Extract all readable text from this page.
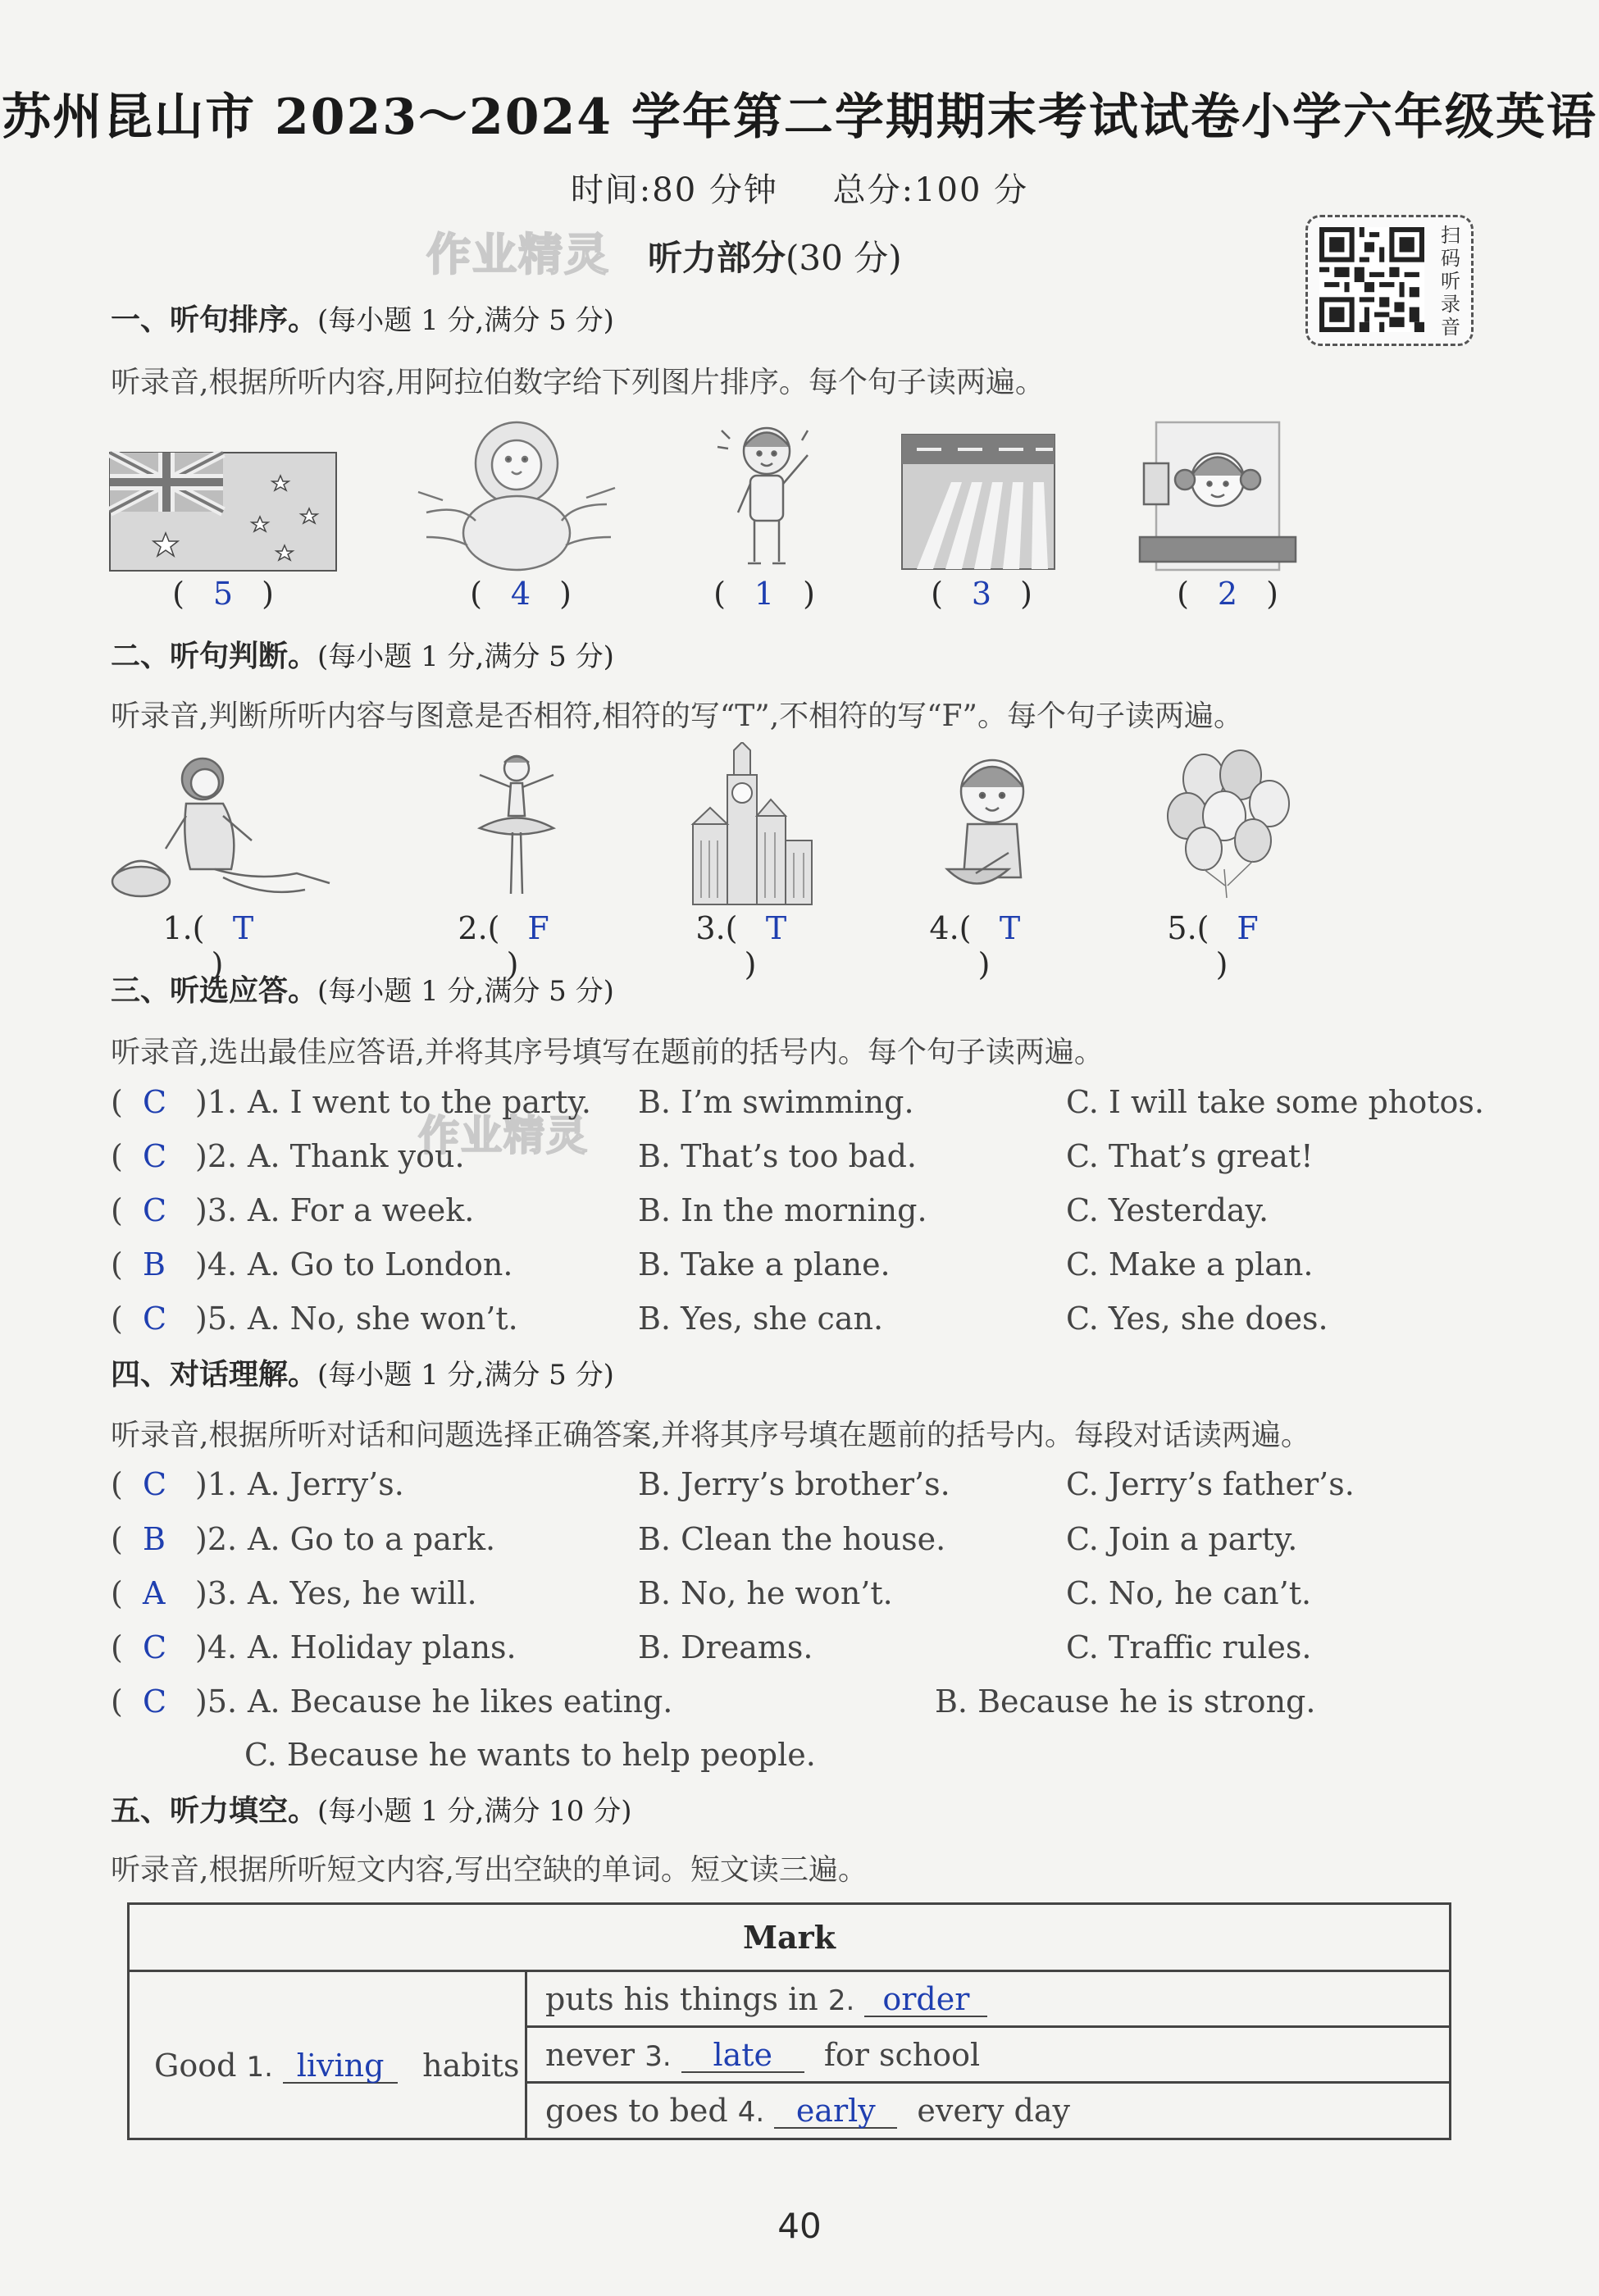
苏州昆山市 2023～2024 学年第二学期期末考试试卷小学六年级英语
时间:80 分钟 总分:100 分
作业精灵 听力部分(30 分)
扫
码
听
录
音
一、听句排序。(每小题 1 分,满分 5 分)
听录音,根据所听内容,用阿拉伯数字给下列图片排序。每个句子读两遍。
( 5 )	( 4 )	( 1 )	( 3 )	( 2 )
二、听句判断。(每小题 1 分,满分 5 分)
听录音,判断所听内容与图意是否相符,相符的写“T”,不相符的写“F”。每个句子读两遍。
1.( T )
2.( F )
3.( T )
4.( T )
5.( F )
三、听选应答。(每小题 1 分,满分 5 分)
听录音,选出最佳应答语,并将其序号填写在题前的括号内。每个句子读两遍。
作业精灵
(  C )1. A. I went to the party. B. I’m swimming.	C. I will take some photos.
(  C )2. A. Thank you.	B. That’s too bad.	C. That’s great!
(  C )3. A. For a week.	B. In the morning.	C. Yesterday.
(  B )4. A. Go to London.	B. Take a plane.	C. Make a plan.
(  C )5. A. No, she won’t.	B. Yes, she can.	C. Yes, she does.
四、对话理解。(每小题 1 分,满分 5 分)
听录音,根据所听对话和问题选择正确答案,并将其序号填在题前的括号内。每段对话读两遍。
(  C )1. A. Jerry’s.	B. Jerry’s brother’s.	C. Jerry’s father’s.
(  B )2. A. Go to a park.	B. Clean the house.	C. Join a party.
(  A )3. A. Yes, he will.	B. No, he won’t.	C. No, he can’t.
(  C )4. A. Holiday plans.	B. Dreams.	C. Traffic rules.
(  C )5. A. Because he likes eating.	B. Because he is strong.
C. Because he wants to help people.
五、听力填空。(每小题 1 分,满分 10 分)
听录音,根据所听短文内容,写出空缺的单词。短文读三遍。
Mark
Good 1. living habits
puts his things in 2. order
never 3. late for school
goes to bed 4. early every day
40
